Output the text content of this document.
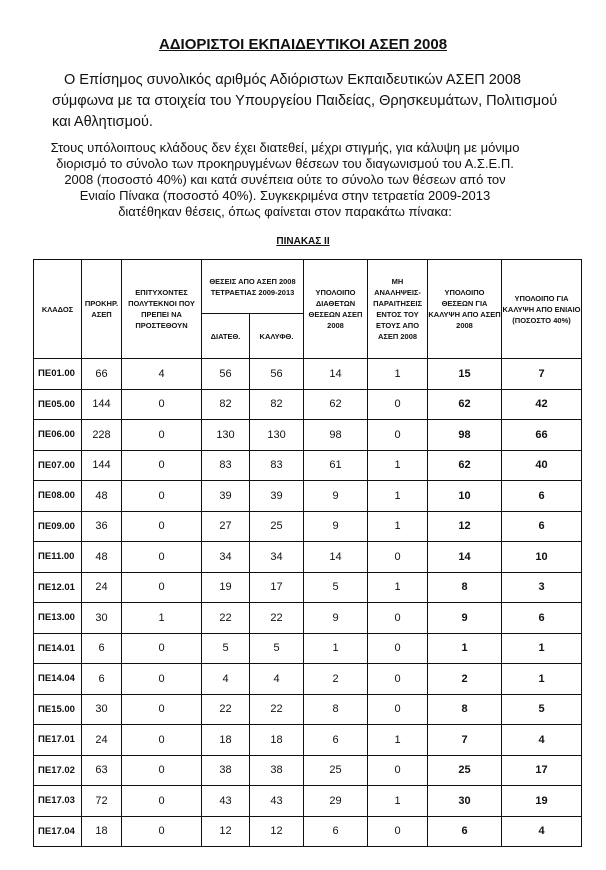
ΑΔΙΟΡΙΣΤΟΙ ΕΚΠΑΙΔΕΥΤΙΚΟΙ ΑΣΕΠ 2008
Ο Επίσημος συνολικός αριθμός Αδιόριστων Εκπαιδευτικών ΑΣΕΠ 2008 σύμφωνα με τα στοιχεία του Υπουργείου Παιδείας, Θρησκευμάτων, Πολιτισμού και Αθλητισμού.
Στους υπόλοιπους κλάδους δεν έχει διατεθεί, μέχρι στιγμής, για κάλυψη με μόνιμο διορισμό το σύνολο των προκηρυγμένων θέσεων του διαγωνισμού του Α.Σ.Ε.Π. 2008 (ποσοστό 40%) και κατά συνέπεια ούτε το σύνολο των θέσεων από τον Ενιαίο Πίνακα (ποσοστό 40%). Συγκεκριμένα στην τετραετία 2009-2013 διατέθηκαν θέσεις, όπως φαίνεται στον παρακάτω πίνακα:
ΠΙΝΑΚΑΣ ΙΙ
ΚΛΑΔΟΣ	ΠΡΟΚΗΡ. ΑΣΕΠ	ΕΠΙΤΥΧΟΝΤΕΣ ΠΟΛΥΤΕΚΝΟΙ ΠΟΥ ΠΡΕΠΕΙ ΝΑ ΠΡΟΣΤΕΘΟΥΝ	ΘΕΣΕΙΣ ΑΠΟ ΑΣΕΠ 2008 ΤΕΤΡΑΕΤΙΑΣ 2009-2013		ΥΠΟΛΟΙΠΟ ΔΙΑΘΕΤΩΝ ΘΕΣΕΩΝ ΑΣΕΠ 2008	ΜΗ ΑΝΑΛΗΨΕΙΣ-ΠΑΡΑΙΤΗΣΕΙΣ ΕΝΤΟΣ ΤΟΥ ΕΤΟΥΣ ΑΠΟ ΑΣΕΠ 2008	ΥΠΟΛΟΙΠΟ ΘΕΣΕΩΝ ΓΙΑ ΚΑΛΥΨΗ ΑΠΟ ΑΣΕΠ 2008	ΥΠΟΛΟΙΠΟ ΓΙΑ ΚΑΛΥΨΗ ΑΠΟ ΕΝΙΑΙΟ (ΠΟΣΟΣΤΟ 40%)
			ΔΙΑΤΕΘ.	ΚΑΛΥΦΘ.				
ΠΕ01.00	66	4	56	56	14	1	15	7
ΠΕ05.00	144	0	82	82	62	0	62	42
ΠΕ06.00	228	0	130	130	98	0	98	66
ΠΕ07.00	144	0	83	83	61	1	62	40
ΠΕ08.00	48	0	39	39	9	1	10	6
ΠΕ09.00	36	0	27	25	9	1	12	6
ΠΕ11.00	48	0	34	34	14	0	14	10
ΠΕ12.01	24	0	19	17	5	1	8	3
ΠΕ13.00	30	1	22	22	9	0	9	6
ΠΕ14.01	6	0	5	5	1	0	1	1
ΠΕ14.04	6	0	4	4	2	0	2	1
ΠΕ15.00	30	0	22	22	8	0	8	5
ΠΕ17.01	24	0	18	18	6	1	7	4
ΠΕ17.02	63	0	38	38	25	0	25	17
ΠΕ17.03	72	0	43	43	29	1	30	19
ΠΕ17.04	18	0	12	12	6	0	6	4
